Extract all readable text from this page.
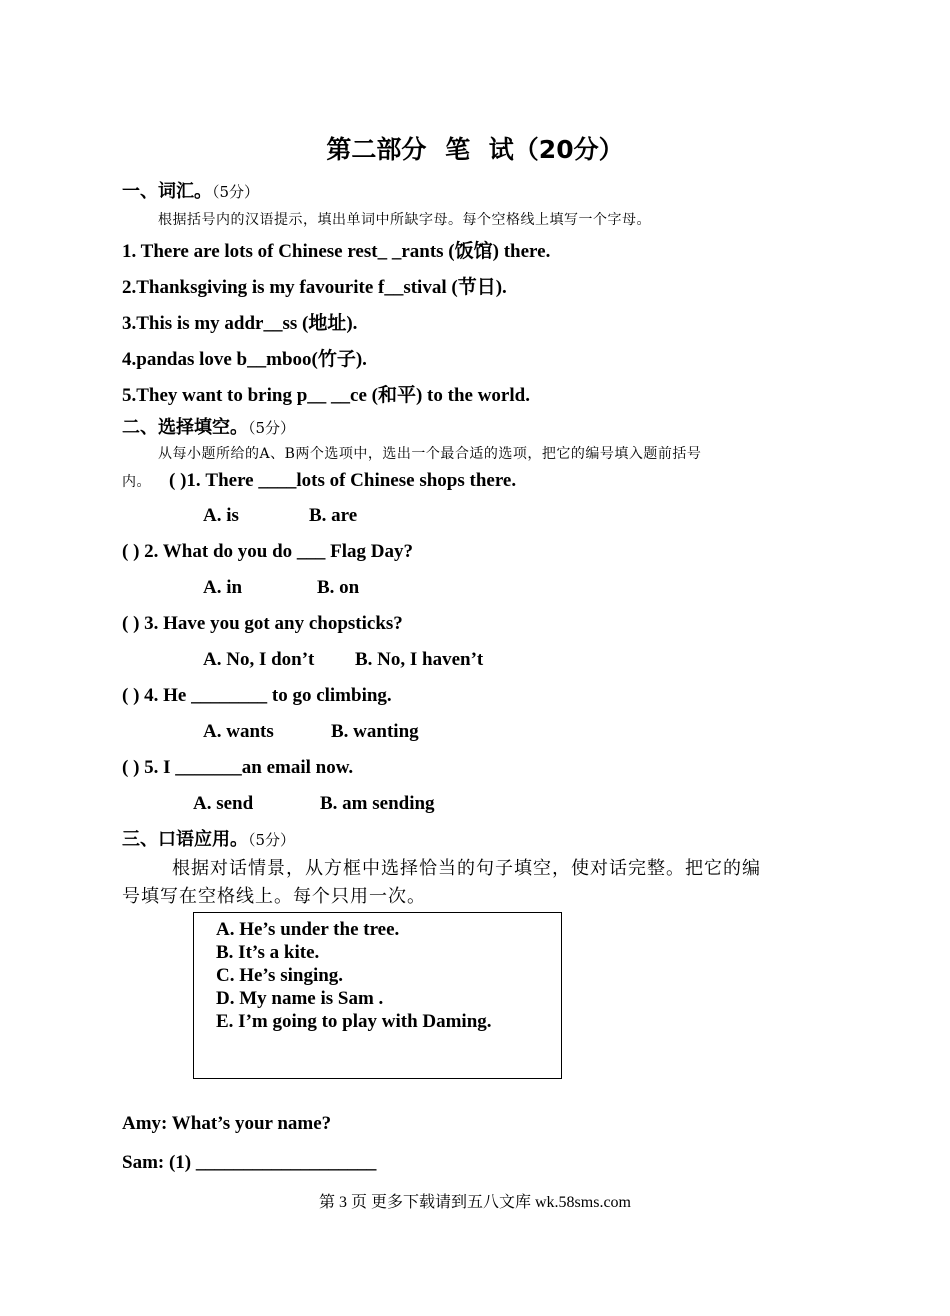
第二部分 笔 试（20分）
一、词汇。（5分）
根据括号内的汉语提示，填出单词中所缺字母。每个空格线上填写一个字母。
1. There are lots of Chinese rest_ _rants (饭馆) there.
2.Thanksgiving is my favourite f__stival (节日).
3.This is my addr__ss (地址).
4.pandas love b__mboo(竹子).
5.They want to bring p__ __ce (和平) to the world.
二、选择填空。（5分）
从每小题所给的A、B两个选项中，选出一个最合适的选项，把它的编号填入题前括号
内。 ( )1. There ____lots of Chinese shops there.
A. is	B. are
( ) 2. What do you do ___ Flag Day?
A. in	B. on
( ) 3. Have you got any chopsticks?
A. No, I don’t B. No, I haven’t
( ) 4. He ________ to go climbing.
A. wants	B. wanting
( ) 5. I _______an email now.
A. send	B. am sending
三、口语应用。（5分）
根据对话情景，从方框中选择恰当的句子填空，使对话完整。把它的编
号填写在空格线上。每个只用一次。
A. He’s under the tree.
B. It’s a kite.
C. He’s singing.
D. My name is Sam .
E. I’m going to play with Daming.
Amy: What’s your name?
Sam: (1) ___________________
第 3 页 更多下载请到五八文库 wk.58sms.com
